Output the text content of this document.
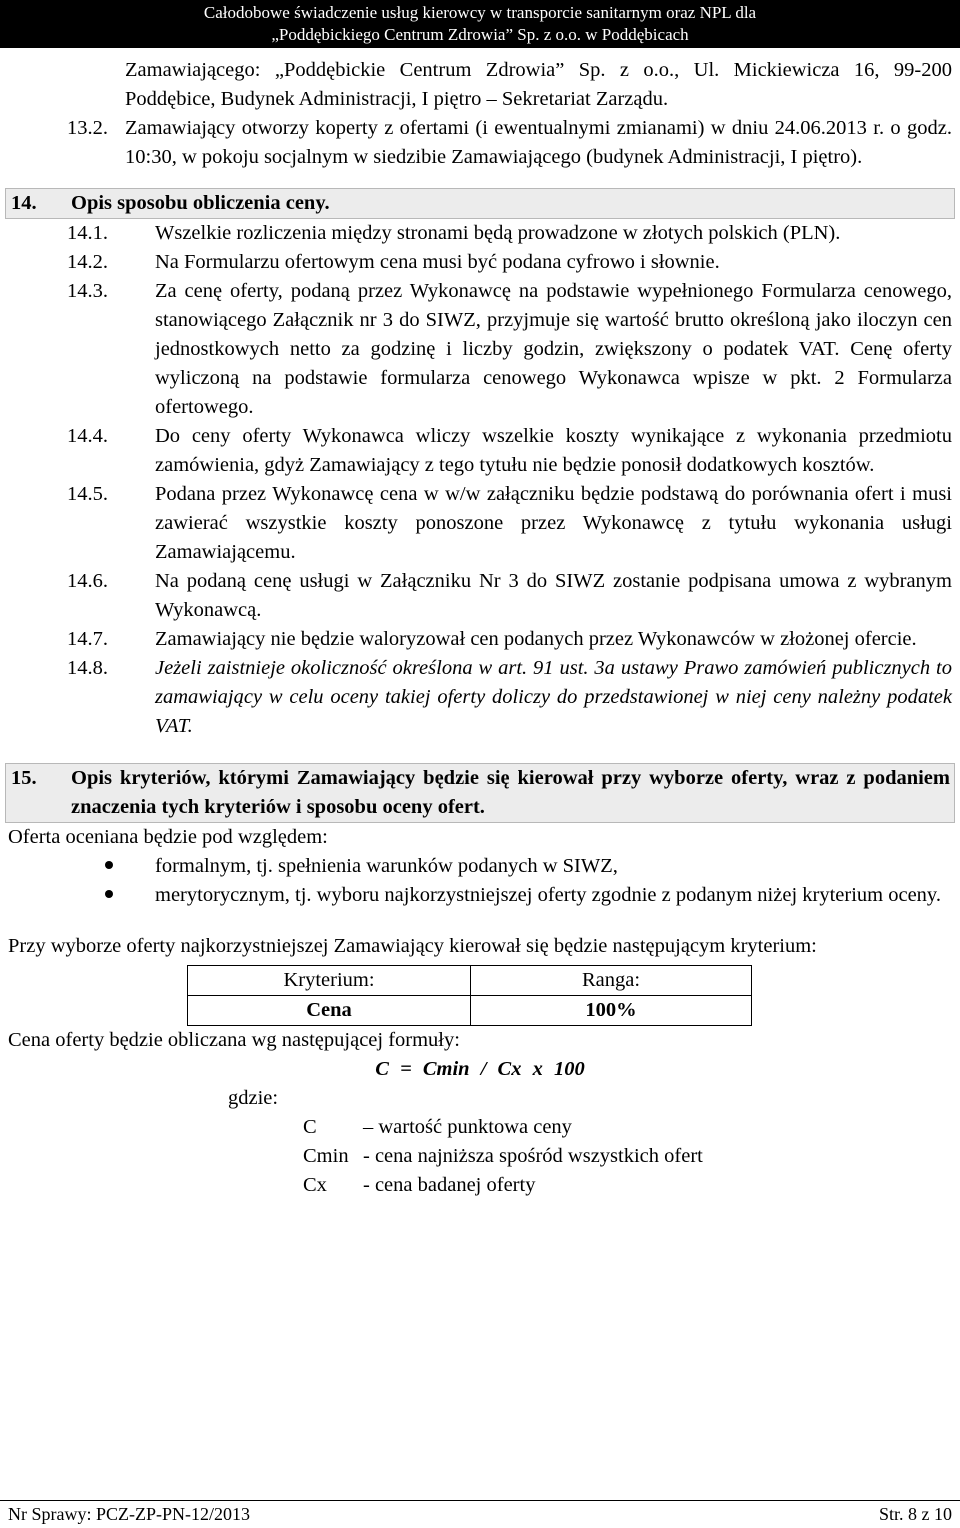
Całodobowe świadczenie usług kierowcy w transporcie sanitarnym oraz NPL dla
„Poddębickiego Centrum Zdrowia” Sp. z o.o. w Poddębicach
Zamawiającego: „Poddębickie Centrum Zdrowia” Sp. z o.o., Ul. Mickiewicza 16, 99-200 Poddębice, Budynek Administracji, I piętro – Sekretariat Zarządu.
13.2. Zamawiający otworzy koperty z ofertami (i ewentualnymi zmianami) w dniu 24.06.2013 r. o godz. 10:30, w pokoju socjalnym w siedzibie Zamawiającego (budynek Administracji, I piętro).
14.	Opis sposobu obliczenia ceny.
14.1.	Wszelkie rozliczenia między stronami będą prowadzone w złotych polskich (PLN).
14.2.	Na Formularzu ofertowym cena musi być podana cyfrowo i słownie.
14.3.	Za cenę oferty, podaną przez Wykonawcę na podstawie wypełnionego Formularza cenowego, stanowiącego Załącznik nr 3 do SIWZ, przyjmuje się wartość brutto określoną jako iloczyn cen jednostkowych netto za godzinę i liczby godzin, zwiększony o podatek VAT. Cenę oferty wyliczoną na podstawie formularza cenowego Wykonawca wpisze w pkt. 2 Formularza ofertowego.
14.4.	Do ceny oferty Wykonawca wliczy wszelkie koszty wynikające z wykonania przedmiotu zamówienia, gdyż Zamawiający z tego tytułu nie będzie ponosił dodatkowych kosztów.
14.5.	Podana przez Wykonawcę cena w w/w załączniku będzie podstawą do porównania ofert i musi zawierać wszystkie koszty ponoszone przez Wykonawcę z tytułu wykonania usługi Zamawiającemu.
14.6.	Na podaną cenę usługi w Załączniku Nr 3 do SIWZ zostanie podpisana umowa z wybranym Wykonawcą.
14.7.	Zamawiający nie będzie waloryzował cen podanych przez Wykonawców w złożonej ofercie.
14.8.	Jeżeli zaistnieje okoliczność określona w art. 91 ust. 3a ustawy Prawo zamówień publicznych to zamawiający w celu oceny takiej oferty doliczy do przedstawionej w niej ceny należny podatek VAT.
15.	Opis kryteriów, którymi Zamawiający będzie się kierował przy wyborze oferty, wraz z podaniem znaczenia tych kryteriów i sposobu oceny ofert.
Oferta oceniana będzie pod względem:
formalnym, tj. spełnienia warunków podanych w SIWZ,
merytorycznym, tj. wyboru najkorzystniejszej oferty zgodnie z podanym niżej kryterium oceny.
Przy wyborze oferty najkorzystniejszej Zamawiający kierował się będzie następującym kryterium:
Kryterium:	Ranga:
Cena	100%
Cena oferty będzie obliczana wg następującej formuły:
C = Cmin / Cx x 100
gdzie:
C	– wartość punktowa ceny
Cmin - cena najniższa spośród wszystkich ofert
Cx	- cena badanej oferty
Nr Sprawy: PCZ-ZP-PN-12/2013	Str. 8 z 10
